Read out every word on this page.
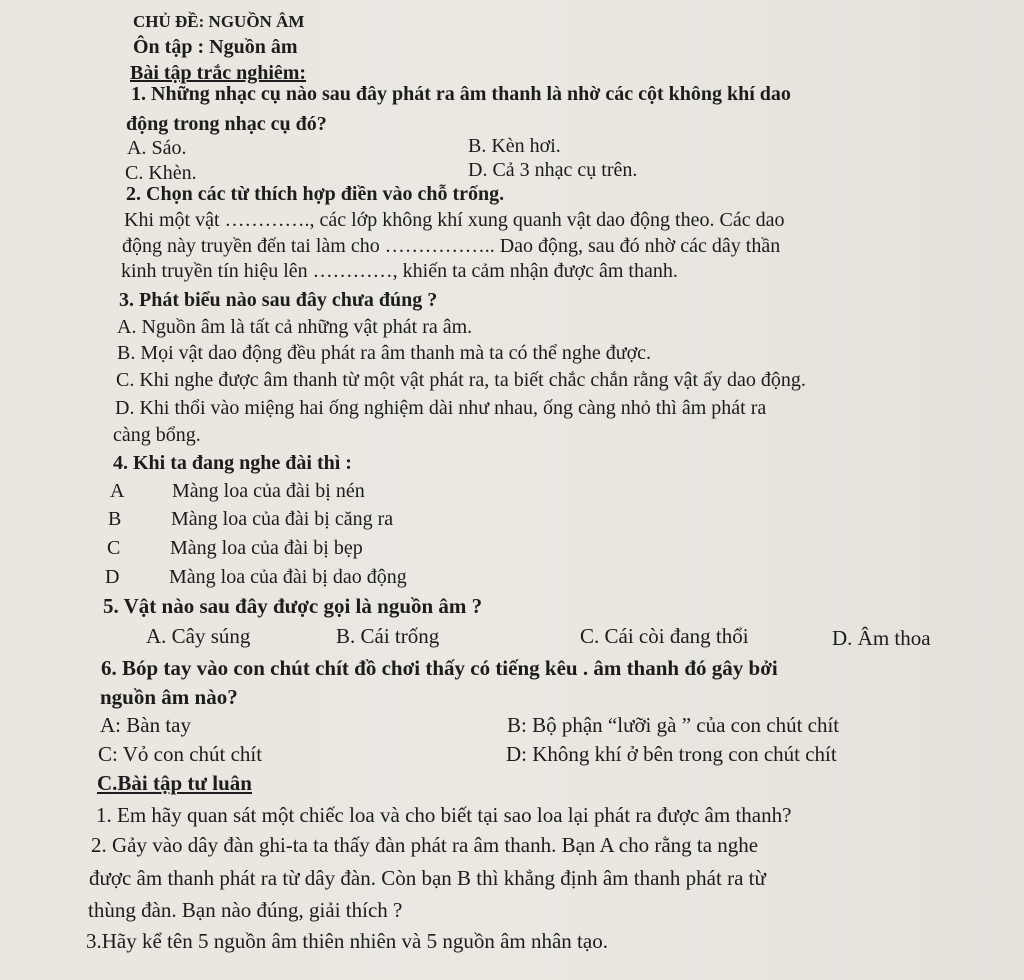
CHỦ ĐỀ: NGUỒN ÂM
Ôn tập : Nguồn âm
Bài tập trắc nghiêm:
1. Những nhạc cụ nào sau đây phát ra âm thanh là nhờ các cột không khí dao
động trong nhạc cụ đó?
A. Sáo.	B. Kèn hơi.
C. Khèn.	D. Cả 3 nhạc cụ trên.
2. Chọn các từ thích hợp điền vào chỗ trống.
Khi một vật …………., các lớp không khí xung quanh vật dao động theo. Các dao
động này truyền đến tai làm cho …………….. Dao động, sau đó nhờ các dây thần
kinh truyền tín hiệu lên …………, khiến ta cảm nhận được âm thanh.
3. Phát biểu nào sau đây chưa đúng ?
A. Nguồn âm là tất cả những vật phát ra âm.
B. Mọi vật dao động đều phát ra âm thanh mà ta có thể nghe được.
C. Khi nghe được âm thanh từ một vật phát ra, ta biết chắc chắn rằng vật ấy dao động.
D. Khi thổi vào miệng hai ống nghiệm dài như nhau, ống càng nhỏ thì âm phát ra
càng bổng.
4. Khi ta đang nghe đài thì :
A Màng loa của đài bị nén
B Màng loa của đài bị căng ra
C Màng loa của đài bị bẹp
D Màng loa của đài bị dao động
5. Vật nào sau đây được gọi là nguồn âm ?
A. Cây súng	B. Cái trống	C. Cái còi đang thổi	D. Âm thoa
6. Bóp tay vào con chút chít đồ chơi thấy có tiếng kêu . âm thanh đó gây bởi
nguồn âm nào?
A: Bàn tay	B: Bộ phận “lưỡi gà ” của con chút chít
C: Vỏ con chút chít	D: Không khí ở bên trong con chút chít
C.Bài tập tư luân
1. Em hãy quan sát một chiếc loa và cho biết tại sao loa lại phát ra được âm thanh?
2. Gảy vào dây đàn ghi-ta ta thấy đàn phát ra âm thanh. Bạn A cho rằng ta nghe
được âm thanh phát ra từ dây đàn. Còn bạn B thì khẳng định âm thanh phát ra từ
thùng đàn. Bạn nào đúng, giải thích ?
3.Hãy kể tên 5 nguồn âm thiên nhiên và 5 nguồn âm nhân tạo.
